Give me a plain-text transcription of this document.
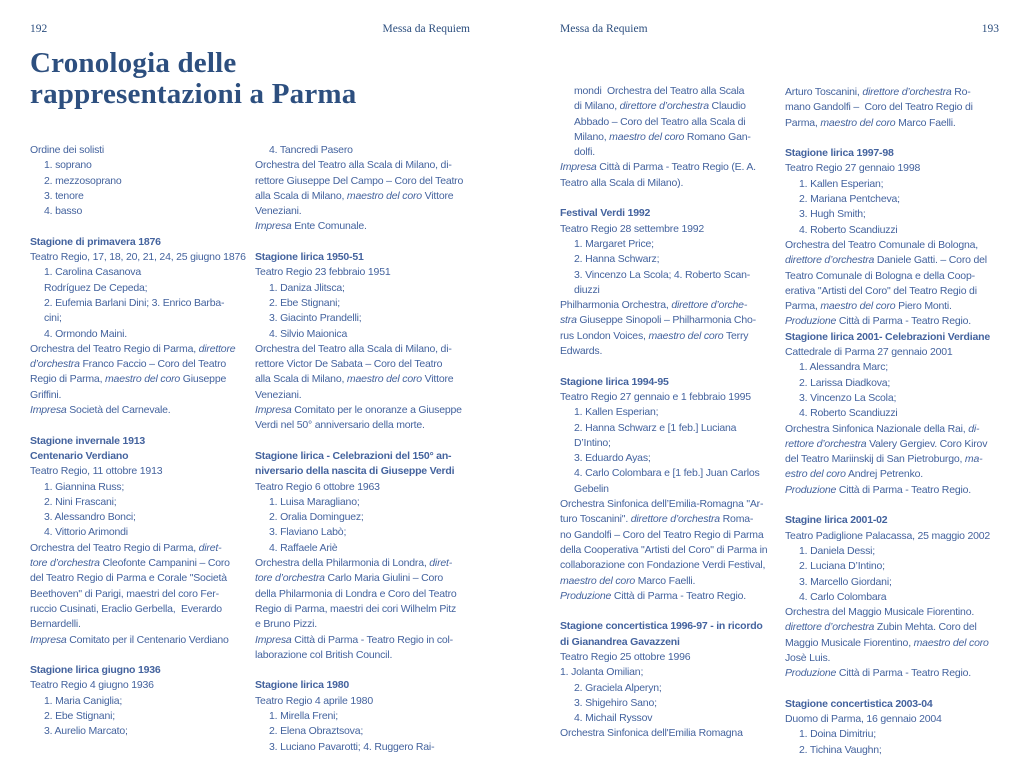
192	Messa da Requiem	Messa da Requiem	193
Cronologia delle
rappresentazioni a Parma
Ordine dei solisti
1. soprano
2. mezzosoprano
3. tenore
4. basso
Stagione di primavera 1876
Teatro Regio, 17, 18, 20, 21, 24, 25 giugno 1876
1. Carolina Casanova
Rodríguez De Cepeda;
2. Eufemia Barlani Dini; 3. Enrico Barba-
cini;
4. Ormondo Maini.
Orchestra del Teatro Regio di Parma, direttore
d’orchestra Franco Faccio – Coro del Teatro
Regio di Parma, maestro del coro Giuseppe
Griffini.
Impresa Società del Carnevale.
Stagione invernale 1913
Centenario Verdiano
Teatro Regio, 11 ottobre 1913
1. Giannina Russ;
2. Nini Frascani;
3. Alessandro Bonci;
4. Vittorio Arimondi
Orchestra del Teatro Regio di Parma, diret-
tore d’orchestra Cleofonte Campanini – Coro
del Teatro Regio di Parma e Corale "Società
Beethoven" di Parigi, maestri del coro Fer-
ruccio Cusinati, Eraclio Gerbella,  Everardo
Bernardelli.
Impresa Comitato per il Centenario Verdiano
Stagione lirica giugno 1936
Teatro Regio 4 giugno 1936
1. Maria Caniglia;
2. Ebe Stignani;
3. Aurelio Marcato;
4. Tancredi Pasero
Orchestra del Teatro alla Scala di Milano, di-
rettore Giuseppe Del Campo – Coro del Teatro
alla Scala di Milano, maestro del coro Vittore
Veneziani.
Impresa Ente Comunale.
Stagione lirica 1950-51
Teatro Regio 23 febbraio 1951
1. Daniza Jlitsca;
2. Ebe Stignani;
3. Giacinto Prandelli;
4. Silvio Maionica
Orchestra del Teatro alla Scala di Milano, di-
rettore Victor De Sabata – Coro del Teatro
alla Scala di Milano, maestro del coro Vittore
Veneziani.
Impresa Comitato per le onoranze a Giuseppe
Verdi nel 50° anniversario della morte.
Stagione lirica - Celebrazioni del 150° an-
niversario della nascita di Giuseppe Verdi
Teatro Regio 6 ottobre 1963
1. Luisa Maragliano;
2. Oralia Dominguez;
3. Flaviano Labò;
4. Raffaele Ariè
Orchestra della Philarmonia di Londra, diret-
tore d’orchestra Carlo Maria Giulini – Coro
della Philarmonia di Londra e Coro del Teatro
Regio di Parma, maestri dei cori Wilhelm Pitz
e Bruno Pizzi.
Impresa Città di Parma - Teatro Regio in col-
laborazione col British Council.
Stagione lirica 1980
Teatro Regio 4 aprile 1980
1. Mirella Freni;
2. Elena Obraztsova;
3. Luciano Pavarotti; 4. Ruggero Rai-
mondi  Orchestra del Teatro alla Scala
di Milano, direttore d’orchestra Claudio
Abbado – Coro del Teatro alla Scala di
Milano, maestro del coro Romano Gan-
dolfi.
Impresa Città di Parma - Teatro Regio (E. A.
Teatro alla Scala di Milano).
Festival Verdi 1992
Teatro Regio 28 settembre 1992
1. Margaret Price;
2. Hanna Schwarz;
3. Vincenzo La Scola; 4. Roberto Scan-
diuzzi
Philharmonia Orchestra, direttore d’orche-
stra Giuseppe Sinopoli – Philharmonia Cho-
rus London Voices, maestro del coro Terry
Edwards.
Stagione lirica 1994-95
Teatro Regio 27 gennaio e 1 febbraio 1995
1. Kallen Esperian;
2. Hanna Schwarz e [1 feb.] Luciana
D’Intino;
3. Eduardo Ayas;
4. Carlo Colombara e [1 feb.] Juan Carlos
Gebelin
Orchestra Sinfonica dell’Emilia-Romagna "Ar-
turo Toscanini". direttore d’orchestra Roma-
no Gandolfi – Coro del Teatro Regio di Parma
della Cooperativa "Artisti del Coro" di Parma in
collaborazione con Fondazione Verdi Festival,
maestro del coro Marco Faelli.
Produzione Città di Parma - Teatro Regio.
Stagione concertistica 1996-97 - in ricordo
di Gianandrea Gavazzeni
Teatro Regio 25 ottobre 1996
1. Jolanta Omilian;
2. Graciela Alperyn;
3. Shigehiro Sano;
4. Michail Ryssov
Orchestra Sinfonica dell'Emilia Romagna
Arturo Toscanini, direttore d’orchestra Ro-
mano Gandolfi –  Coro del Teatro Regio di
Parma, maestro del coro Marco Faelli.
Stagione lirica 1997-98
Teatro Regio 27 gennaio 1998
1. Kallen Esperian;
2. Mariana Pentcheva;
3. Hugh Smith;
4. Roberto Scandiuzzi
Orchestra del Teatro Comunale di Bologna,
direttore d’orchestra Daniele Gatti. – Coro del
Teatro Comunale di Bologna e della Coop-
erativa "Artisti del Coro" del Teatro Regio di
Parma, maestro del coro Piero Monti.
Produzione Città di Parma - Teatro Regio.
Stagione lirica 2001- Celebrazioni Verdiane
Cattedrale di Parma 27 gennaio 2001
1. Alessandra Marc;
2. Larissa Diadkova;
3. Vincenzo La Scola;
4. Roberto Scandiuzzi
Orchestra Sinfonica Nazionale della Rai, di-
rettore d’orchestra Valery Gergiev. Coro Kirov
del Teatro Mariinskij di San Pietroburgo, ma-
estro del coro Andrej Petrenko.
Produzione Città di Parma - Teatro Regio.
Stagine lirica 2001-02
Teatro Padiglione Palacassa, 25 maggio 2002
1. Daniela Dessi;
2. Luciana D’Intino;
3. Marcello Giordani;
4. Carlo Colombara
Orchestra del Maggio Musicale Fiorentino.
direttore d’orchestra Zubin Mehta. Coro del
Maggio Musicale Fiorentino, maestro del coro
Josè Luis.
Produzione Città di Parma - Teatro Regio.
Stagione concertistica 2003-04
Duomo di Parma, 16 gennaio 2004
1. Doina Dimitriu;
2. Tichina Vaughn;
